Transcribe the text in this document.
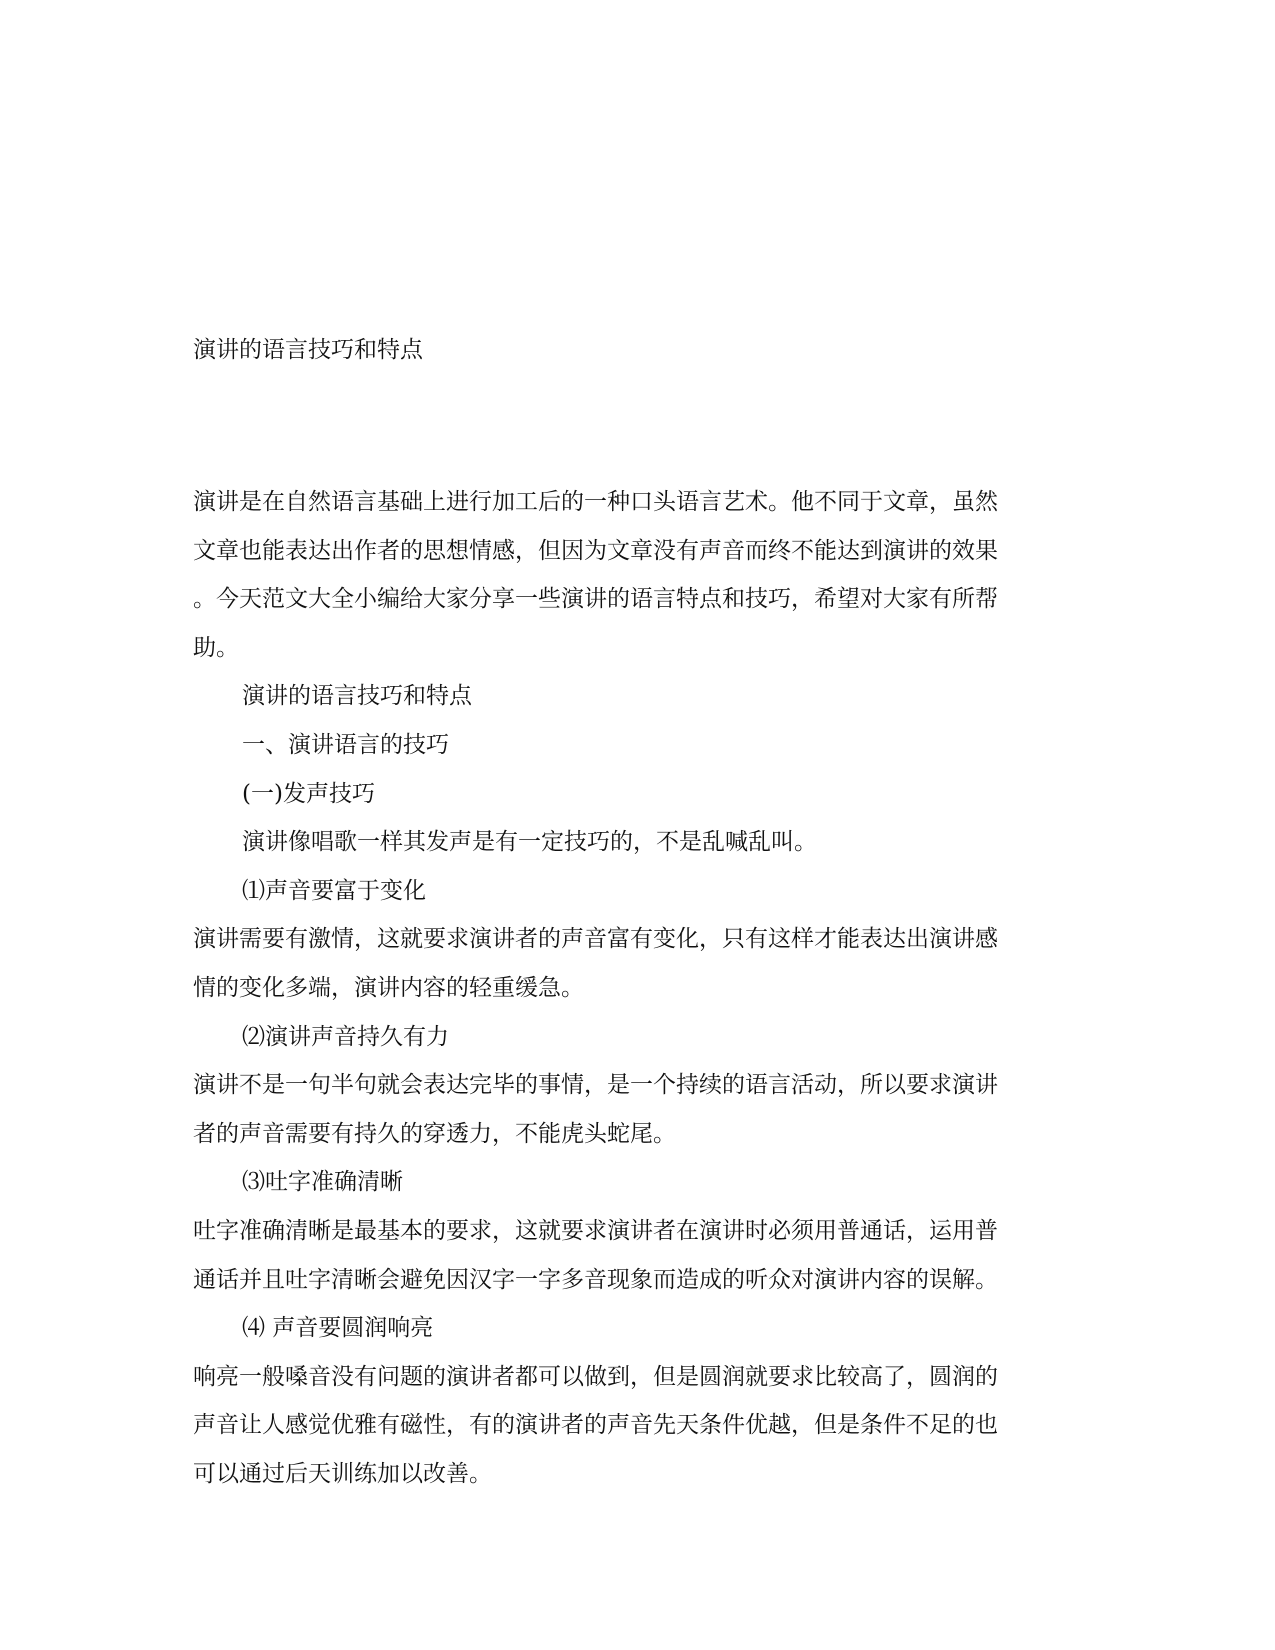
演讲的语言技巧和特点

演讲是在自然语言基础上进行加工后的一种口头语言艺术。他不同于文章，虽然

文章也能表达出作者的思想情感，但因为文章没有声音而终不能达到演讲的效果

。今天范文大全小编给大家分享一些演讲的语言特点和技巧，希望对大家有所帮

助。

演讲的语言技巧和特点

一、演讲语言的技巧

(一)发声技巧

演讲像唱歌一样其发声是有一定技巧的，不是乱喊乱叫。

⑴声音要富于变化

演讲需要有激情，这就要求演讲者的声音富有变化，只有这样才能表达出演讲感

情的变化多端，演讲内容的轻重缓急。

⑵演讲声音持久有力

演讲不是一句半句就会表达完毕的事情，是一个持续的语言活动，所以要求演讲

者的声音需要有持久的穿透力，不能虎头蛇尾。

⑶吐字准确清晰

吐字准确清晰是最基本的要求，这就要求演讲者在演讲时必须用普通话，运用普

通话并且吐字清晰会避免因汉字一字多音现象而造成的听众对演讲内容的误解。

⑷ 声音要圆润响亮

响亮一般嗓音没有问题的演讲者都可以做到，但是圆润就要求比较高了，圆润的

声音让人感觉优雅有磁性，有的演讲者的声音先天条件优越，但是条件不足的也

可以通过后天训练加以改善。
